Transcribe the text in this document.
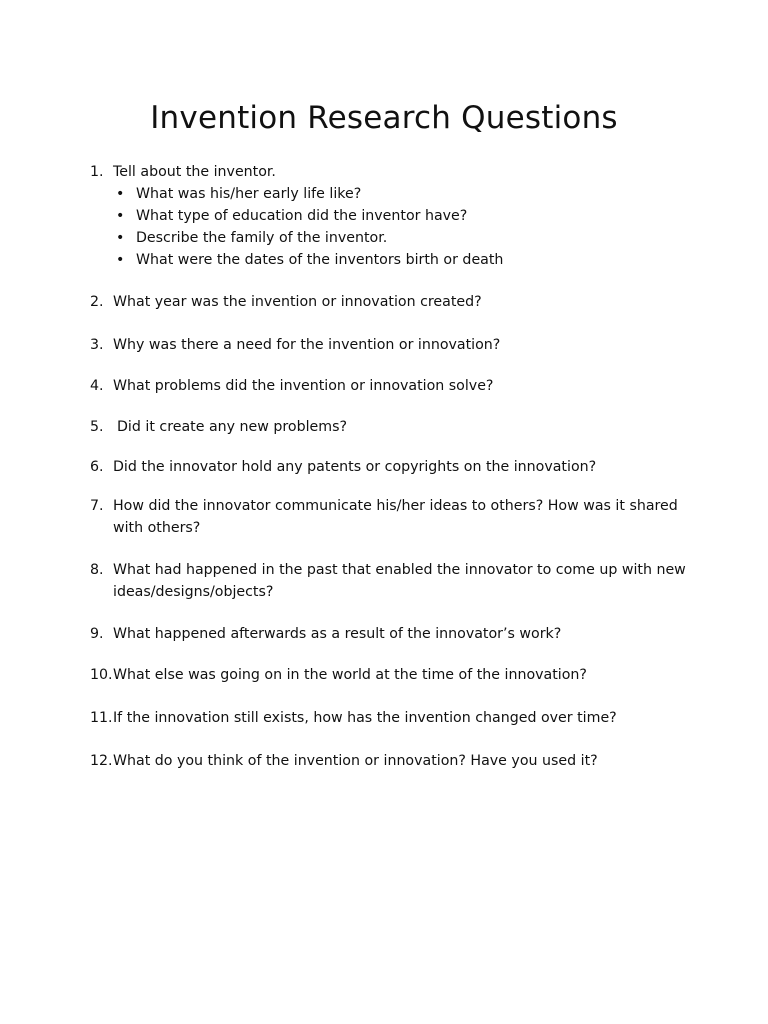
Invention Research Questions
1. Tell about the inventor.
• What was his/her early life like?
• What type of education did the inventor have?
• Describe the family of the inventor.
• What were the dates of the inventors birth or death
2. What year was the invention or innovation created?
3. Why was there a need for the invention or innovation?
4. What problems did the invention or innovation solve?
5. Did it create any new problems?
6. Did the innovator hold any patents or copyrights on the innovation?
7. How did the innovator communicate his/her ideas to others? How was it shared with others?
8. What had happened in the past that enabled the innovator to come up with new ideas/designs/objects?
9. What happened afterwards as a result of the innovator’s work?
10. What else was going on in the world at the time of the innovation?
11. If the innovation still exists, how has the invention changed over time?
12. What do you think of the invention or innovation? Have you used it?
